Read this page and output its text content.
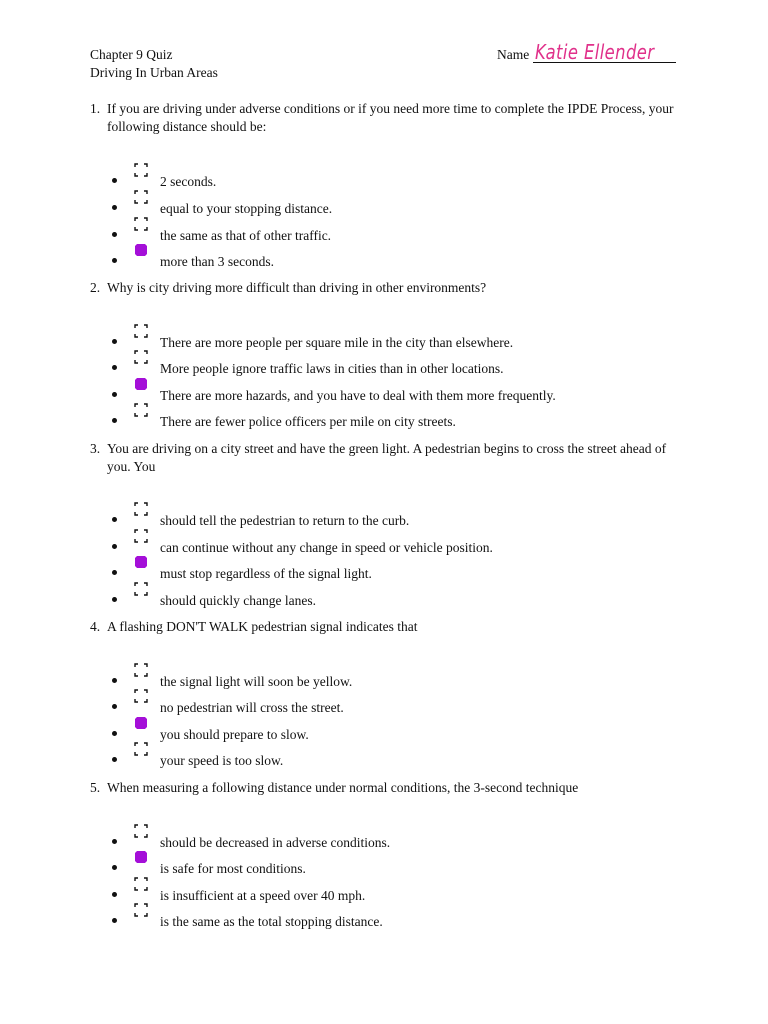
Chapter 9 Quiz
Driving In Urban Areas
Name Katie Ellender
1. If you are driving under adverse conditions or if you need more time to complete the IPDE Process, your following distance should be:
2 seconds.
equal to your stopping distance.
the same as that of other traffic.
more than 3 seconds.
2. Why is city driving more difficult than driving in other environments?
There are more people per square mile in the city than elsewhere.
More people ignore traffic laws in cities than in other locations.
There are more hazards, and you have to deal with them more frequently.
There are fewer police officers per mile on city streets.
3. You are driving on a city street and have the green light. A pedestrian begins to cross the street ahead of you. You
should tell the pedestrian to return to the curb.
can continue without any change in speed or vehicle position.
must stop regardless of the signal light.
should quickly change lanes.
4. A flashing DON'T WALK pedestrian signal indicates that
the signal light will soon be yellow.
no pedestrian will cross the street.
you should prepare to slow.
your speed is too slow.
5. When measuring a following distance under normal conditions, the 3-second technique
should be decreased in adverse conditions.
is safe for most conditions.
is insufficient at a speed over 40 mph.
is the same as the total stopping distance.
